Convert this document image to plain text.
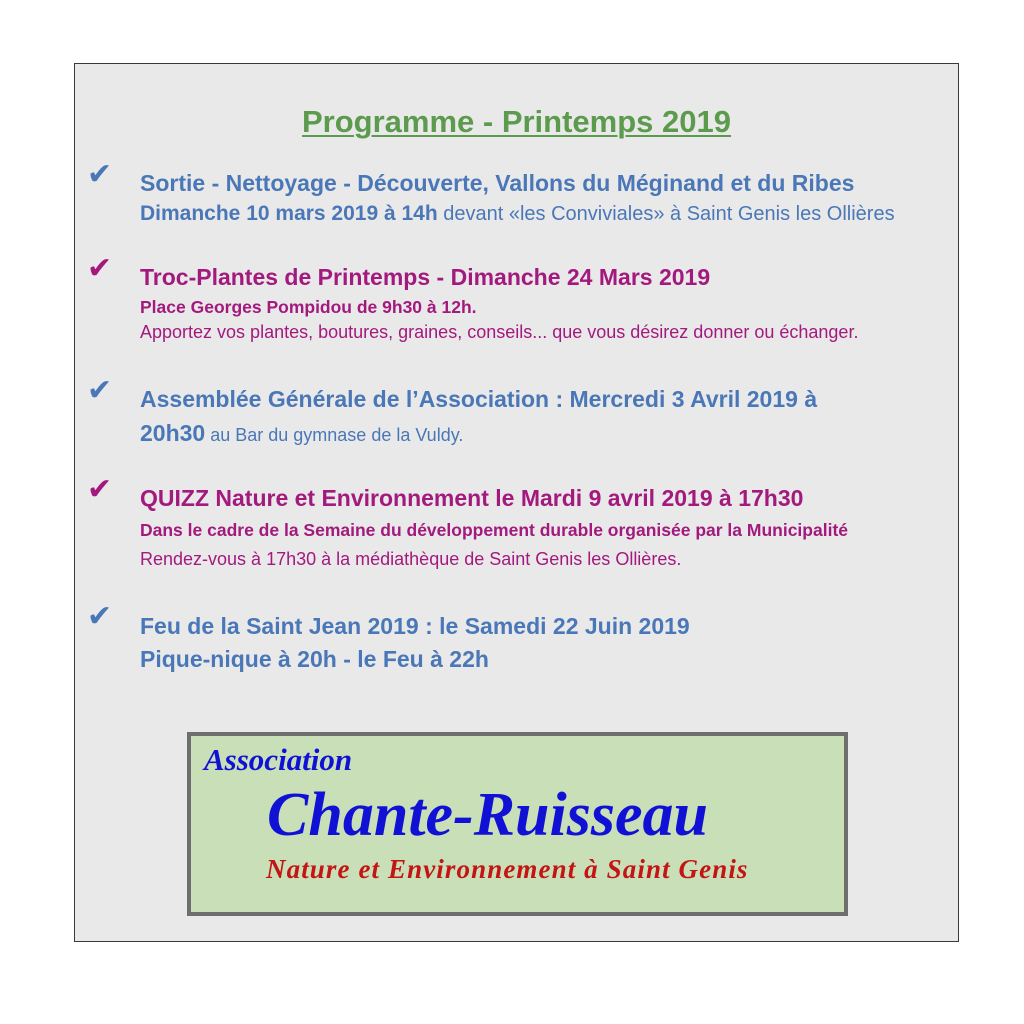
Programme - Printemps 2019
✔ Sortie - Nettoyage - Découverte, Vallons du Méginand et du Ribes
Dimanche 10 mars 2019 à 14h devant «les Conviviales» à Saint Genis les Ollières
✔ Troc-Plantes de Printemps - Dimanche 24 Mars 2019
Place Georges Pompidou de 9h30 à 12h.
Apportez vos plantes, boutures, graines, conseils... que vous désirez donner ou échanger.
✔ Assemblée Générale de l’Association : Mercredi 3 Avril 2019 à
20h30 au Bar du gymnase de la Vuldy.
✔ QUIZZ Nature et Environnement le Mardi 9 avril 2019 à 17h30
Dans le cadre de la Semaine du développement durable organisée par la Municipalité
Rendez-vous à 17h30 à la médiathèque de Saint Genis les Ollières.
✔ Feu de la Saint Jean 2019 : le Samedi 22 Juin 2019
Pique-nique à 20h - le Feu à 22h
Association
Chante-Ruisseau
Nature et Environnement à Saint Genis
